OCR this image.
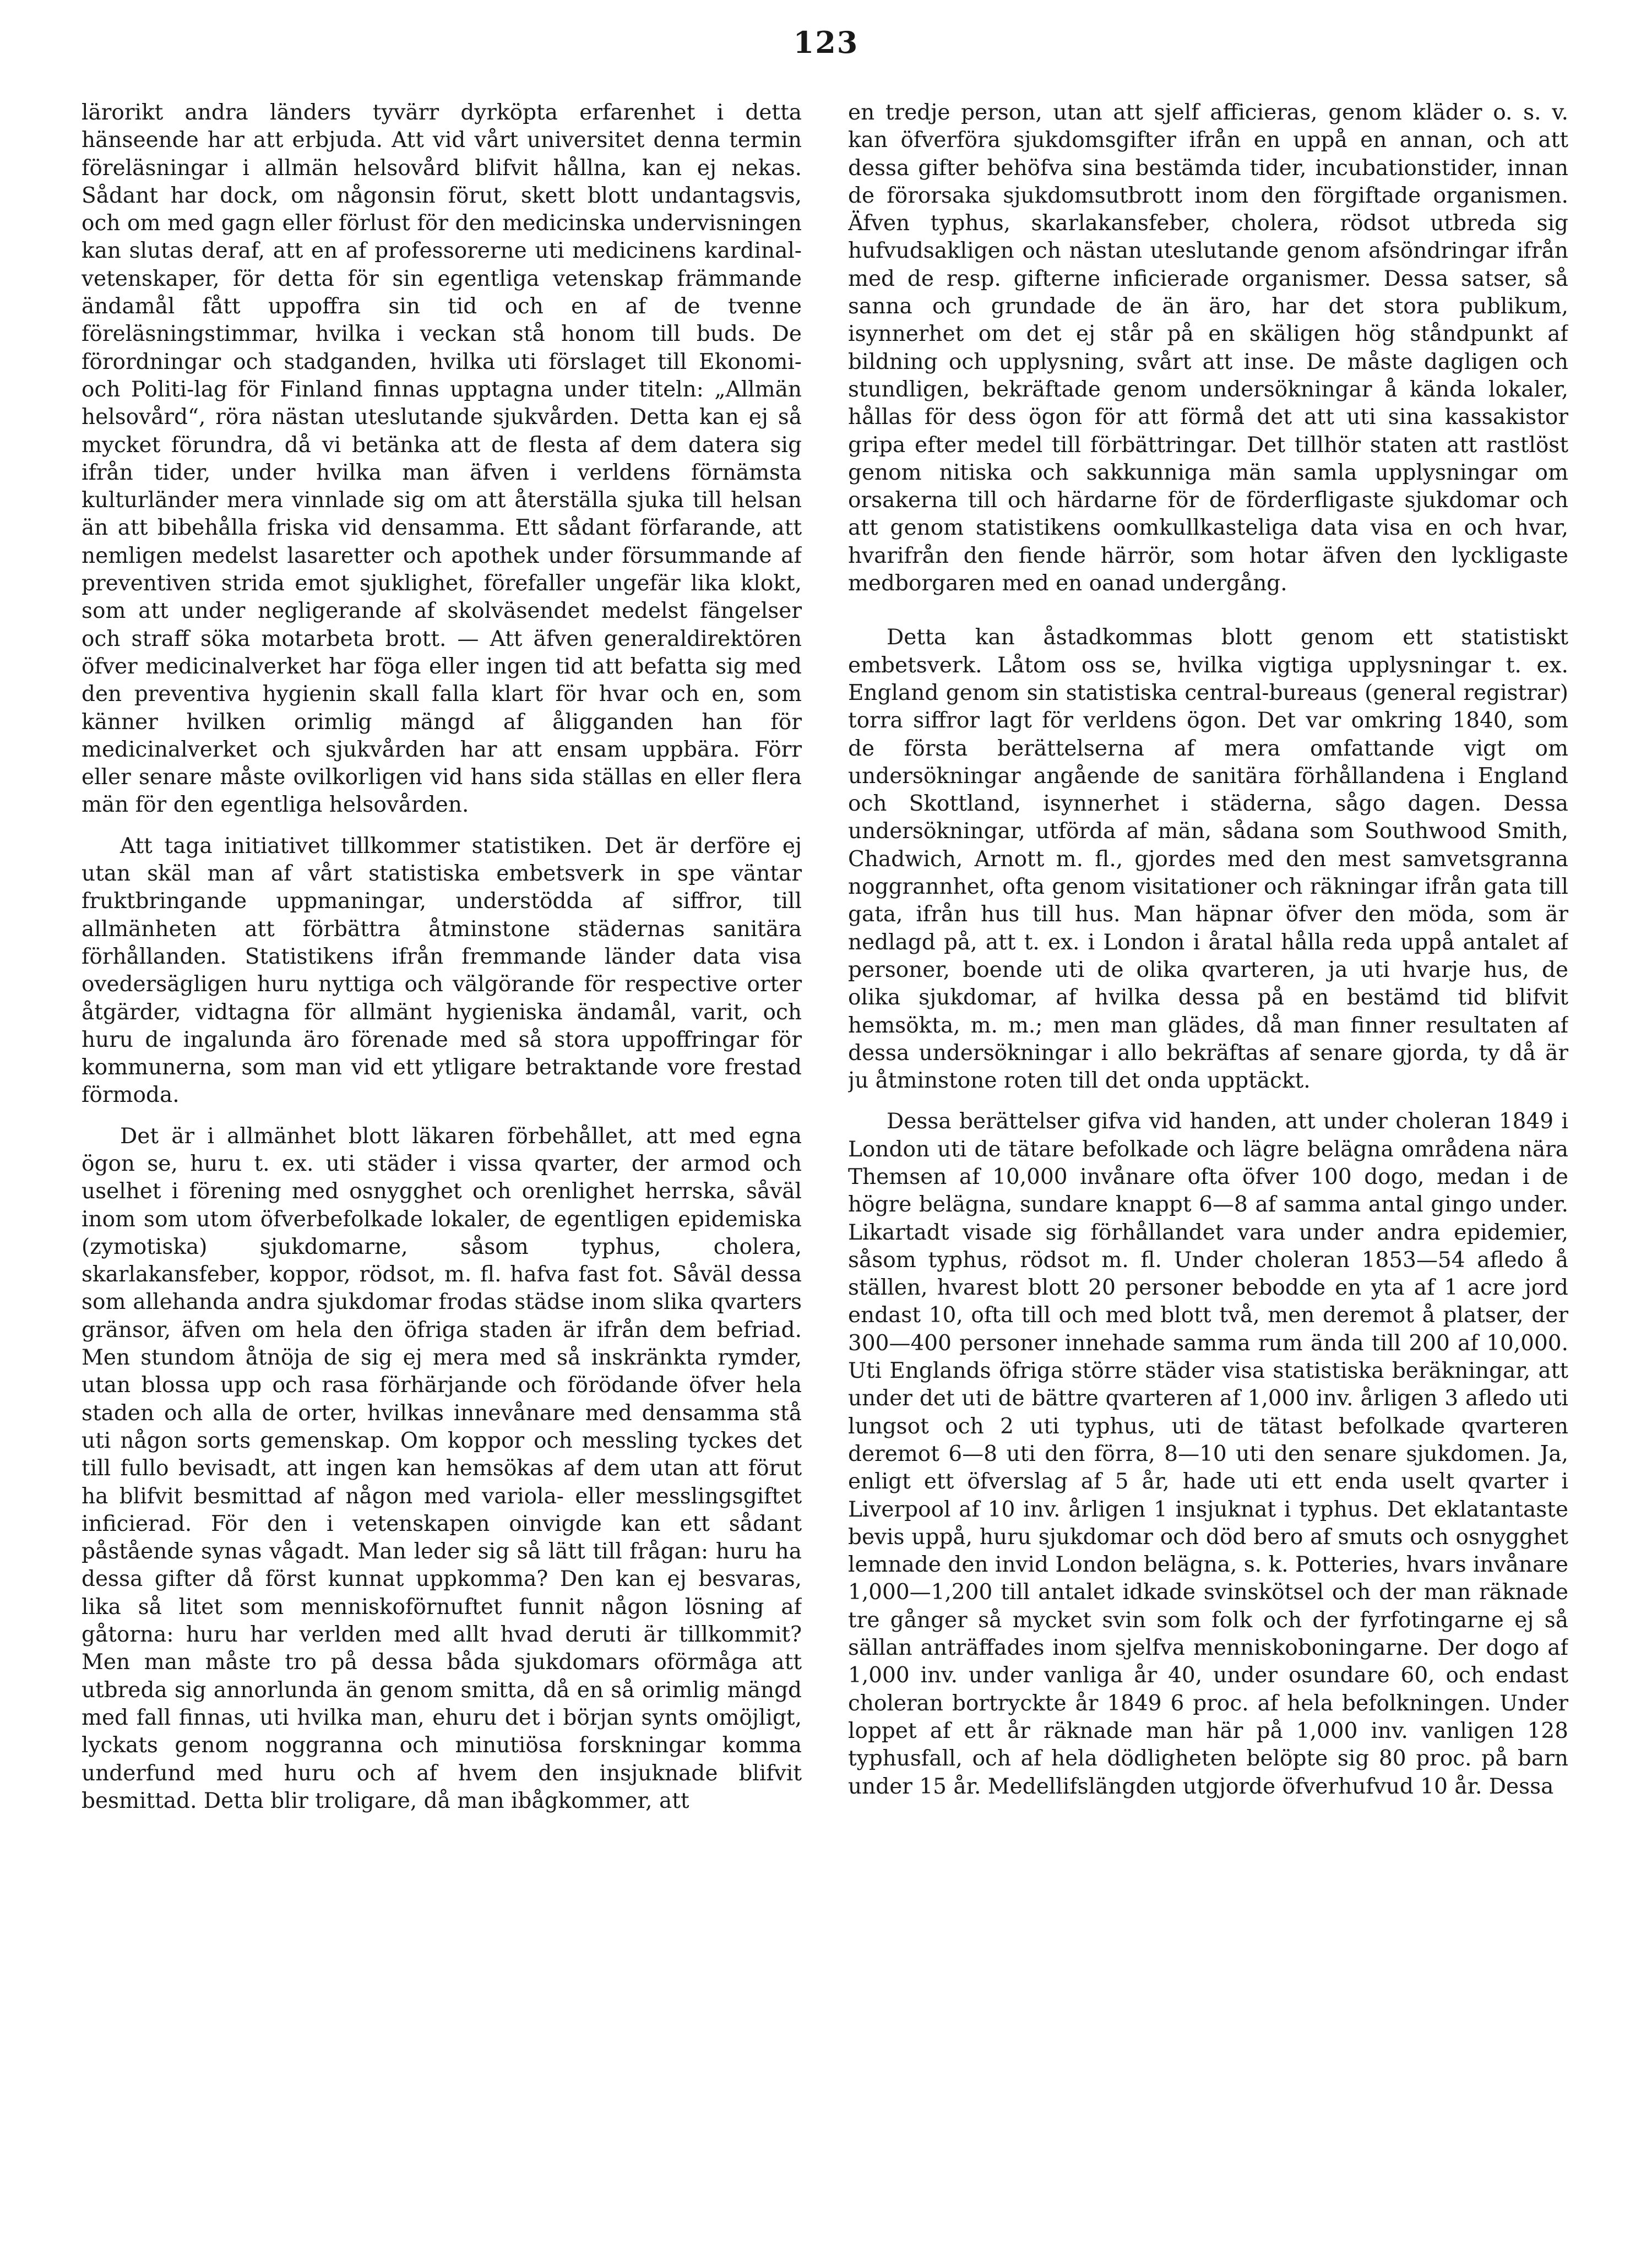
123

lärorikt andra länders tyvärr dyrköpta erfarenhet i detta hänseende har att erbjuda. Att vid vårt universitet denna termin föreläsningar i allmän helsovård blifvit hållna, kan ej nekas. Sådant har dock, om någonsin förut, skett blott undantagsvis, och om med gagn eller förlust för den medicinska undervisningen kan slutas deraf, att en af professorerne uti medicinens kardinal-vetenskaper, för detta för sin egentliga vetenskap främmande ändamål fått uppoffra sin tid och en af de tvenne föreläsningstimmar, hvilka i veckan stå honom till buds. De förordningar och stadganden, hvilka uti förslaget till Ekonomi- och Politi-lag för Finland finnas upptagna under titeln: „Allmän helsovård“, röra nästan uteslutande sjukvården. Detta kan ej så mycket förundra, då vi betänka att de flesta af dem datera sig ifrån tider, under hvilka man äfven i verldens förnämsta kulturländer mera vinnlade sig om att återställa sjuka till helsan än att bibehålla friska vid densamma. Ett sådant förfarande, att nemligen medelst lasaretter och apothek under försummande af preventiven strida emot sjuklighet, förefaller ungefär lika klokt, som att under negligerande af skolväsendet medelst fängelser och straff söka motarbeta brott. — Att äfven generaldirektören öfver medicinalverket har föga eller ingen tid att befatta sig med den preventiva hygienin skall falla klart för hvar och en, som känner hvilken orimlig mängd af åligganden han för medicinalverket och sjukvården har att ensam uppbära. Förr eller senare måste ovilkorligen vid hans sida ställas en eller flera män för den egentliga helsovården.

Att taga initiativet tillkommer statistiken. Det är derföre ej utan skäl man af vårt statistiska embetsverk in spe väntar fruktbringande uppmaningar, understödda af siffror, till allmänheten att förbättra åtminstone städernas sanitära förhållanden. Statistikens ifrån fremmande länder data visa ovedersägligen huru nyttiga och välgörande för respective orter åtgärder, vidtagna för allmänt hygieniska ändamål, varit, och huru de ingalunda äro förenade med så stora uppoffringar för kommunerna, som man vid ett ytligare betraktande vore frestad förmoda.

Det är i allmänhet blott läkaren förbehållet, att med egna ögon se, huru t. ex. uti städer i vissa qvarter, der armod och uselhet i förening med osnygghet och orenlighet herrska, såväl inom som utom öfverbefolkade lokaler, de egentligen epidemiska (zymotiska) sjukdomarne, såsom typhus, cholera, skarlakansfeber, koppor, rödsot, m. fl. hafva fast fot. Såväl dessa som allehanda andra sjukdomar frodas städse inom slika qvarters gränsor, äfven om hela den öfriga staden är ifrån dem befriad. Men stundom åtnöja de sig ej mera med så inskränkta rymder, utan blossa upp och rasa förhärjande och förödande öfver hela staden och alla de orter, hvilkas innevånare med densamma stå uti någon sorts gemenskap. Om koppor och messling tyckes det till fullo bevisadt, att ingen kan hemsökas af dem utan att förut ha blifvit besmittad af någon med variola- eller messlingsgiftet inficierad. För den i vetenskapen oinvigde kan ett sådant påstående synas vågadt. Man leder sig så lätt till frågan: huru ha dessa gifter då först kunnat uppkomma? Den kan ej besvaras, lika så litet som menniskoförnuftet funnit någon lösning af gåtorna: huru har verlden med allt hvad deruti är tillkommit? Men man måste tro på dessa båda sjukdomars oförmåga att utbreda sig annorlunda än genom smitta, då en så orimlig mängd med fall finnas, uti hvilka man, ehuru det i början synts omöjligt, lyckats genom noggranna och minutiösa forskningar komma underfund med huru och af hvem den insjuknade blifvit besmittad. Detta blir troligare, då man ibågkommer, att

en tredje person, utan att sjelf afficieras, genom kläder o. s. v. kan öfverföra sjukdomsgifter ifrån en uppå en annan, och att dessa gifter behöfva sina bestämda tider, incubationstider, innan de förorsaka sjukdomsutbrott inom den förgiftade organismen. Äfven typhus, skarlakansfeber, cholera, rödsot utbreda sig hufvudsakligen och nästan uteslutande genom afsöndringar ifrån med de resp. gifterne inficierade organismer. Dessa satser, så sanna och grundade de än äro, har det stora publikum, isynnerhet om det ej står på en skäligen hög ståndpunkt af bildning och upplysning, svårt att inse. De måste dagligen och stundligen, bekräftade genom undersökningar å kända lokaler, hållas för dess ögon för att förmå det att uti sina kassakistor gripa efter medel till förbättringar. Det tillhör staten att rastlöst genom nitiska och sakkunniga män samla upplysningar om orsakerna till och härdarne för de förderfligaste sjukdomar och att genom statistikens oomkullkasteliga data visa en och hvar, hvarifrån den fiende härrör, som hotar äfven den lyckligaste medborgaren med en oanad undergång.

Detta kan åstadkommas blott genom ett statistiskt embetsverk. Låtom oss se, hvilka vigtiga upplysningar t. ex. England genom sin statistiska central-bureaus (general registrar) torra siffror lagt för verldens ögon. Det var omkring 1840, som de första berättelserna af mera omfattande vigt om undersökningar angående de sanitära förhållandena i England och Skottland, isynnerhet i städerna, sågo dagen. Dessa undersökningar, utförda af män, sådana som Southwood Smith, Chadwich, Arnott m. fl., gjordes med den mest samvetsgranna noggrannhet, ofta genom visitationer och räkningar ifrån gata till gata, ifrån hus till hus. Man häpnar öfver den möda, som är nedlagd på, att t. ex. i London i åratal hålla reda uppå antalet af personer, boende uti de olika qvarteren, ja uti hvarje hus, de olika sjukdomar, af hvilka dessa på en bestämd tid blifvit hemsökta, m. m.; men man glädes, då man finner resultaten af dessa undersökningar i allo bekräftas af senare gjorda, ty då är ju åtminstone roten till det onda upptäckt.

Dessa berättelser gifva vid handen, att under choleran 1849 i London uti de tätare befolkade och lägre belägna områdena nära Themsen af 10,000 invånare ofta öfver 100 dogo, medan i de högre belägna, sundare knappt 6—8 af samma antal gingo under. Likartadt visade sig förhållandet vara under andra epidemier, såsom typhus, rödsot m. fl. Under choleran 1853—54 afledo å ställen, hvarest blott 20 personer bebodde en yta af 1 acre jord endast 10, ofta till och med blott två, men deremot å platser, der 300—400 personer innehade samma rum ända till 200 af 10,000. Uti Englands öfriga större städer visa statistiska beräkningar, att under det uti de bättre qvarteren af 1,000 inv. årligen 3 afledo uti lungsot och 2 uti typhus, uti de tätast befolkade qvarteren deremot 6—8 uti den förra, 8—10 uti den senare sjukdomen. Ja, enligt ett öfverslag af 5 år, hade uti ett enda uselt qvarter i Liverpool af 10 inv. årligen 1 insjuknat i typhus. Det eklatantaste bevis uppå, huru sjukdomar och död bero af smuts och osnygghet lemnade den invid London belägna, s. k. Potteries, hvars invånare 1,000—1,200 till antalet idkade svinskötsel och der man räknade tre gånger så mycket svin som folk och der fyrfotingarne ej så sällan anträffades inom sjelfva menniskoboningarne. Der dogo af 1,000 inv. under vanliga år 40, under osundare 60, och endast choleran bortryckte år 1849 6 proc. af hela befolkningen. Under loppet af ett år räknade man här på 1,000 inv. vanligen 128 typhusfall, och af hela dödligheten belöpte sig 80 proc. på barn under 15 år. Medellifslängden utgjorde öfverhufvud 10 år. Dessa
